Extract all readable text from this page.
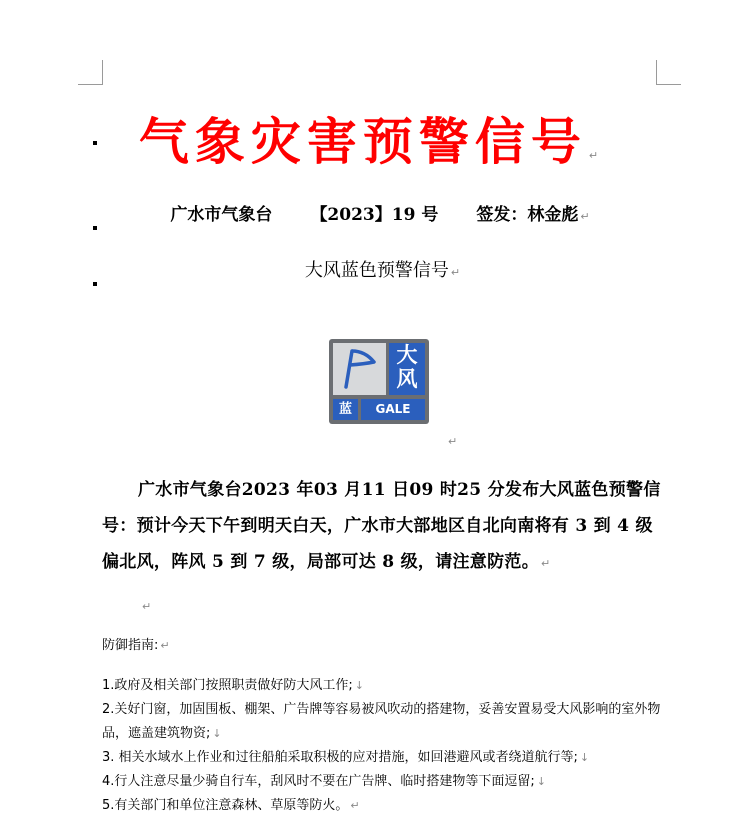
气象灾害预警信号 ↵
广水市气象台 【2023】19 号 签发：林金彪 ↵
大风蓝色预警信号 ↵
大风
蓝	GALE
↵

广水市气象台2023 年03 月11 日09 时25 分发布大风蓝色预警信号：预计今天下午到明天白天，广水市大部地区自北向南将有 3 到 4 级偏北风，阵风 5 到 7 级，局部可达 8 级，请注意防范。 ↵

↵
防御指南: ↵
1.政府及相关部门按照职责做好防大风工作; ↓
2.关好门窗，加固围板、棚架、广告牌等容易被风吹动的搭建物，妥善安置易受大风影响的室外物品，遮盖建筑物资; ↓
3. 相关水域水上作业和过往船舶采取积极的应对措施，如回港避风或者绕道航行等; ↓
4.行人注意尽量少骑自行车，刮风时不要在广告牌、临时搭建物等下面逗留; ↓
5.有关部门和单位注意森林、草原等防火。 ↵
